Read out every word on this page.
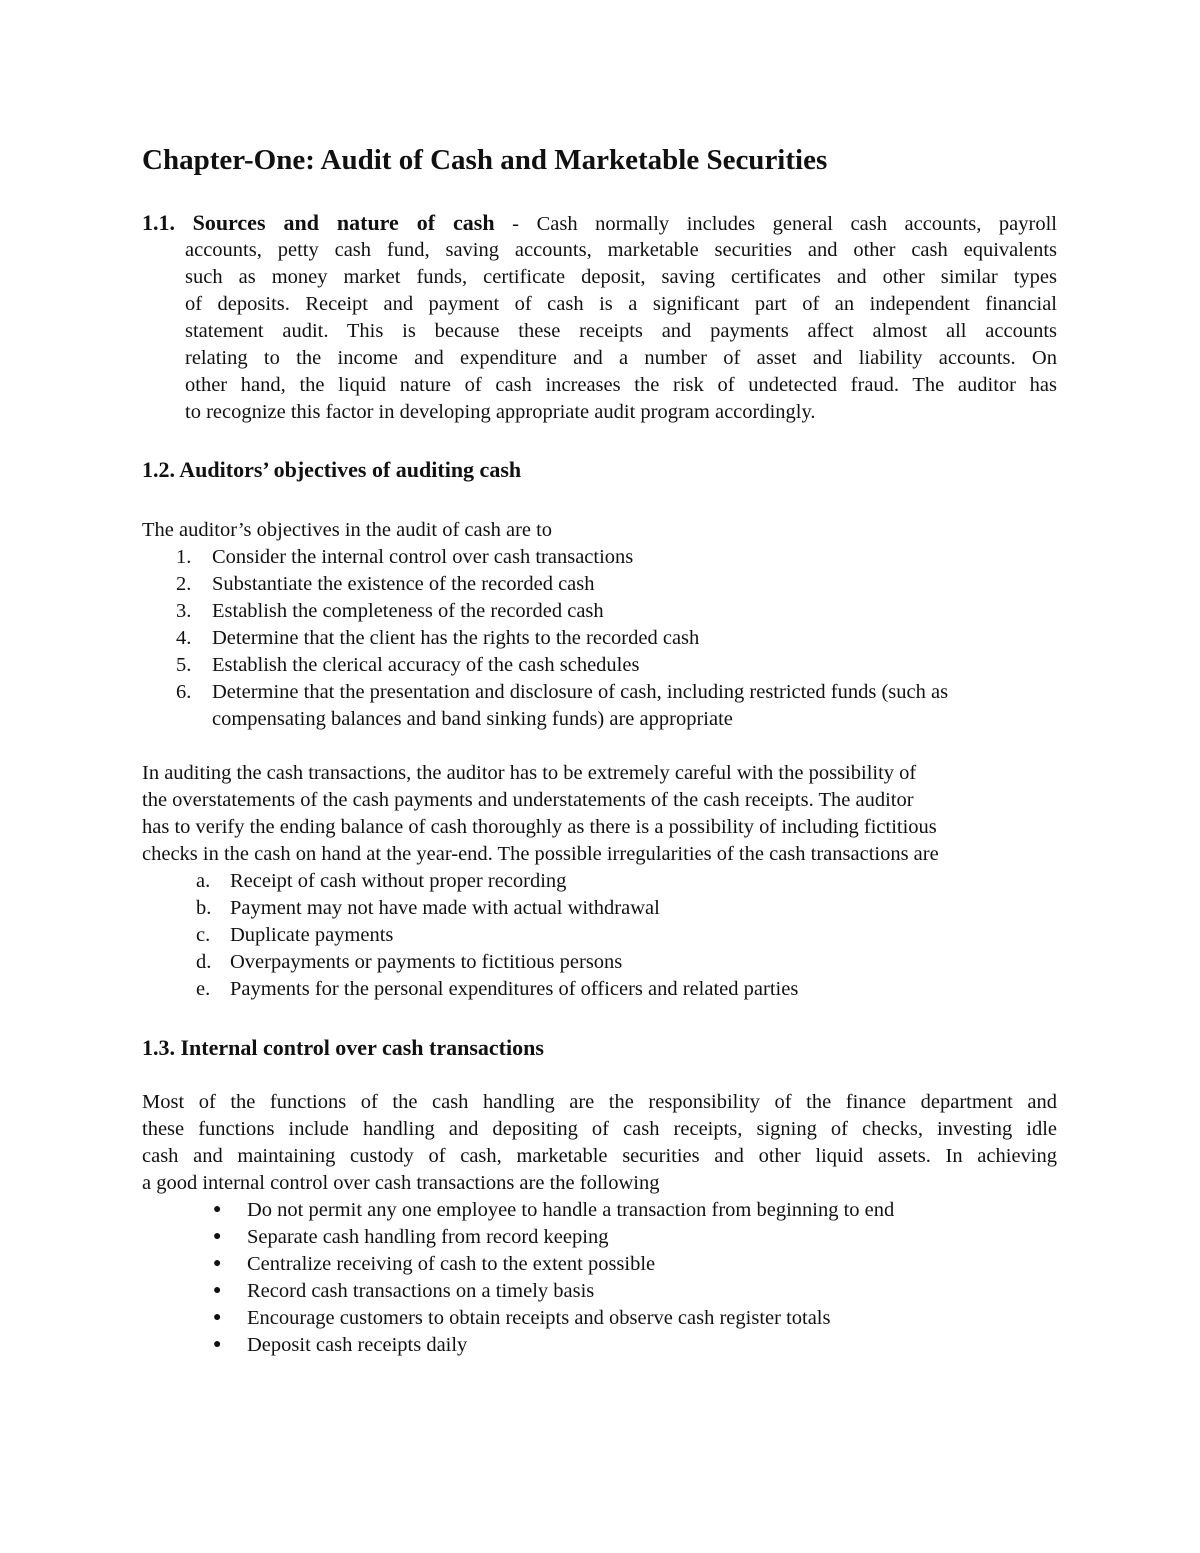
Chapter-One: Audit of Cash and Marketable Securities
1.1. Sources and nature of cash - Cash normally includes general cash accounts, payroll
accounts, petty cash fund, saving accounts, marketable securities and other cash equivalents
such as money market funds, certificate deposit, saving certificates and other similar types
of deposits. Receipt and payment of cash is a significant part of an independent financial
statement audit. This is because these receipts and payments affect almost all accounts
relating to the income and expenditure and a number of asset and liability accounts. On
other hand, the liquid nature of cash increases the risk of undetected fraud. The auditor has
to recognize this factor in developing appropriate audit program accordingly.
1.2. Auditors’ objectives of auditing cash
The auditor’s objectives in the audit of cash are to
1. Consider the internal control over cash transactions
2. Substantiate the existence of the recorded cash
3. Establish the completeness of the recorded cash
4. Determine that the client has the rights to the recorded cash
5. Establish the clerical accuracy of the cash schedules
6. Determine that the presentation and disclosure of cash, including restricted funds (such as
compensating balances and band sinking funds) are appropriate
In auditing the cash transactions, the auditor has to be extremely careful with the possibility of
the overstatements of the cash payments and understatements of the cash receipts. The auditor
has to verify the ending balance of cash thoroughly as there is a possibility of including fictitious
checks in the cash on hand at the year-end. The possible irregularities of the cash transactions are
a. Receipt of cash without proper recording
b. Payment may not have made with actual withdrawal
c. Duplicate payments
d. Overpayments or payments to fictitious persons
e. Payments for the personal expenditures of officers and related parties
1.3. Internal control over cash transactions
Most of the functions of the cash handling are the responsibility of the finance department and
these functions include handling and depositing of cash receipts, signing of checks, investing idle
cash and maintaining custody of cash, marketable securities and other liquid assets. In achieving
a good internal control over cash transactions are the following
● Do not permit any one employee to handle a transaction from beginning to end
● Separate cash handling from record keeping
● Centralize receiving of cash to the extent possible
● Record cash transactions on a timely basis
● Encourage customers to obtain receipts and observe cash register totals
● Deposit cash receipts daily
